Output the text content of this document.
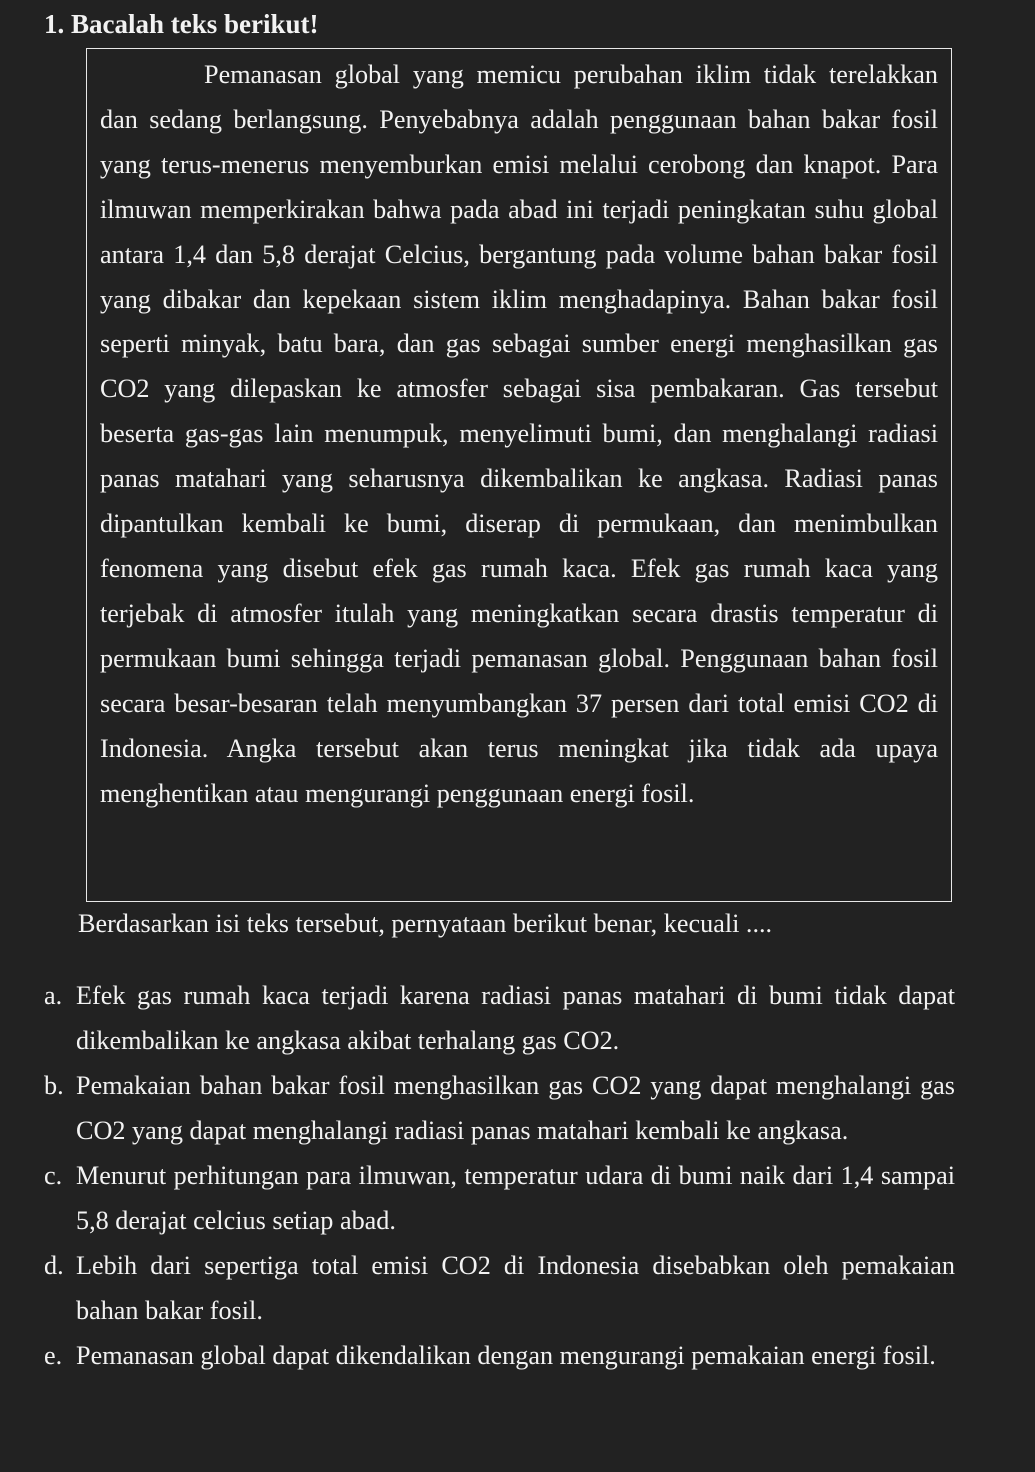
1. Bacalah teks berikut!

Pemanasan global yang memicu perubahan iklim tidak terelakkan dan sedang berlangsung. Penyebabnya adalah penggunaan bahan bakar fosil yang terus-menerus menyemburkan emisi melalui cerobong dan knapot. Para ilmuwan memperkirakan bahwa pada abad ini terjadi peningkatan suhu global antara 1,4 dan 5,8 derajat Celcius, bergantung pada volume bahan bakar fosil yang dibakar dan kepekaan sistem iklim menghadapinya. Bahan bakar fosil seperti minyak, batu bara, dan gas sebagai sumber energi menghasilkan gas CO2 yang dilepaskan ke atmosfer sebagai sisa pembakaran. Gas tersebut beserta gas-gas lain menumpuk, menyelimuti bumi, dan menghalangi radiasi panas matahari yang seharusnya dikembalikan ke angkasa. Radiasi panas dipantulkan kembali ke bumi, diserap di permukaan, dan menimbulkan fenomena yang disebut efek gas rumah kaca. Efek gas rumah kaca yang terjebak di atmosfer itulah yang meningkatkan secara drastis temperatur di permukaan bumi sehingga terjadi pemanasan global. Penggunaan bahan fosil secara besar-besaran telah menyumbangkan 37 persen dari total emisi CO2 di Indonesia. Angka tersebut akan terus meningkat jika tidak ada upaya menghentikan atau mengurangi penggunaan energi fosil.

Berdasarkan isi teks tersebut, pernyataan berikut benar, kecuali ....

a. Efek gas rumah kaca terjadi karena radiasi panas matahari di bumi tidak dapat dikembalikan ke angkasa akibat terhalang gas CO2.
b. Pemakaian bahan bakar fosil menghasilkan gas CO2 yang dapat menghalangi gas CO2 yang dapat menghalangi radiasi panas matahari kembali ke angkasa.
c. Menurut perhitungan para ilmuwan, temperatur udara di bumi naik dari 1,4 sampai 5,8 derajat celcius setiap abad.
d. Lebih dari sepertiga total emisi CO2 di Indonesia disebabkan oleh pemakaian bahan bakar fosil.
e. Pemanasan global dapat dikendalikan dengan mengurangi pemakaian energi fosil.
